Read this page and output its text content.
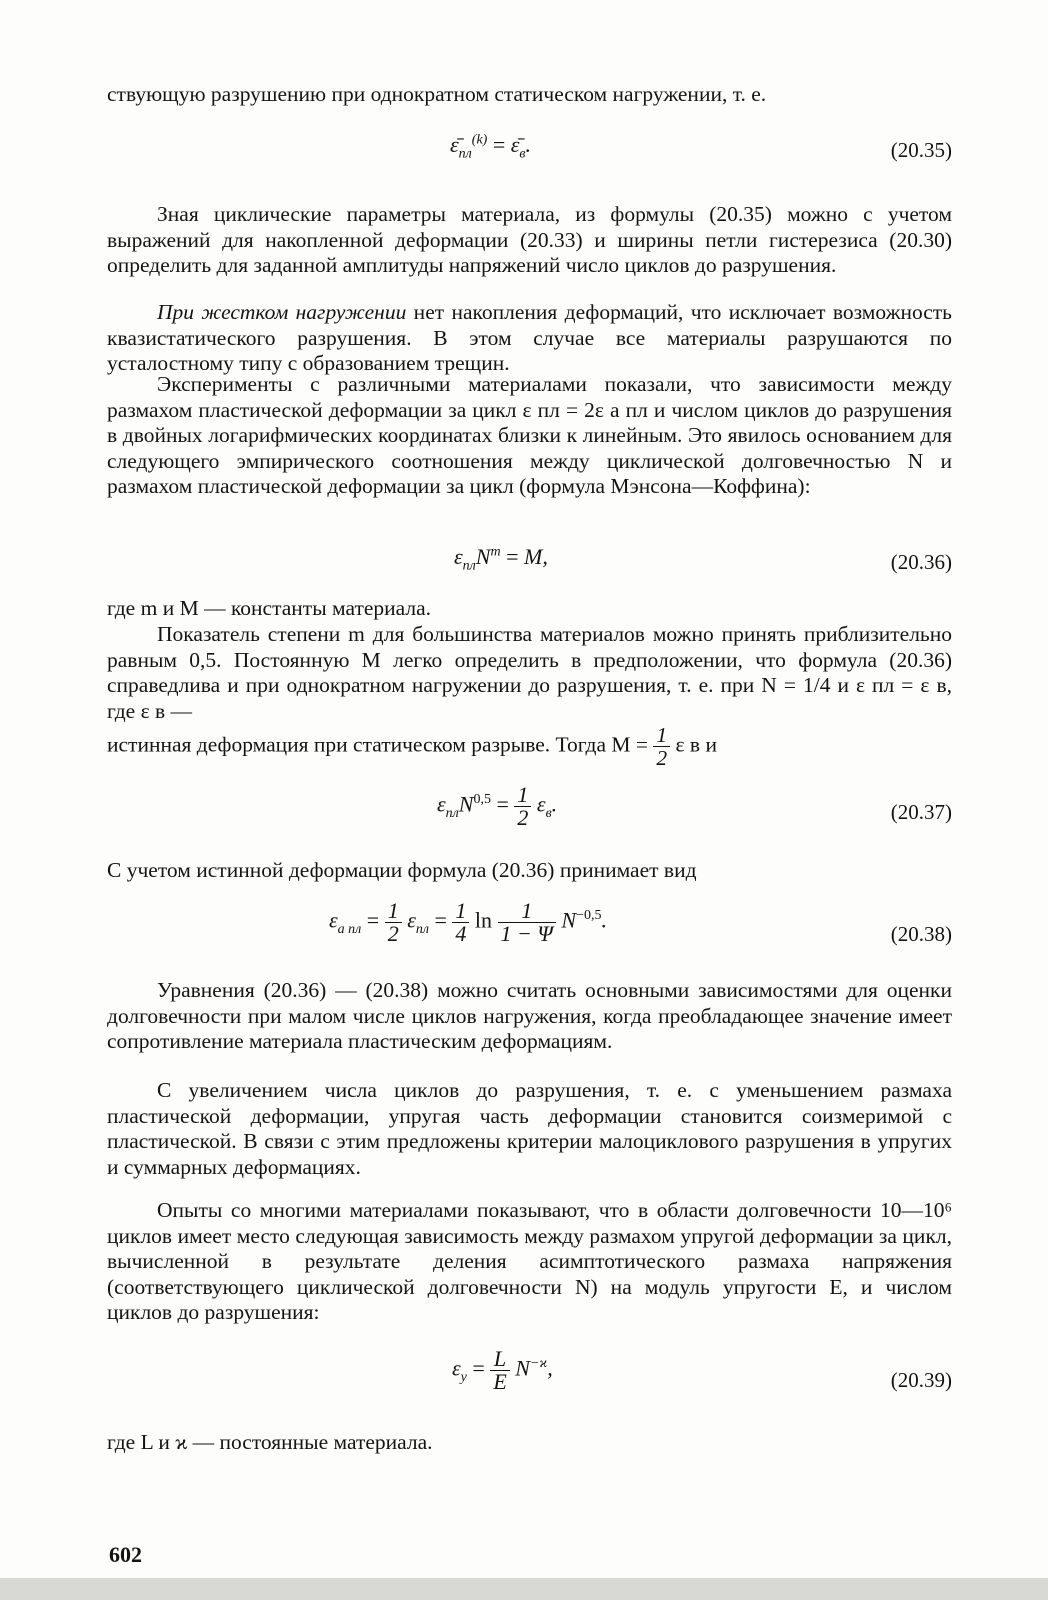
ствующую разрушению при однократном статическом нагружении, т. е.

$\varepsilon̄_{пл}^{(k)}$ = $\varepsilon̄_в$.	(20.35)

Зная циклические параметры материала, из формулы (20.35) можно с учетом выражений для накопленной деформации (20.33) и ширины петли гистерезиса (20.30) определить для заданной амплитуды напряжений число циклов до разрушения.

При жестком нагружении нет накопления деформаций, что исключает возможность квазистатического разрушения. В этом случае все материалы разрушаются по усталостному типу с образованием трещин.

Эксперименты с различными материалами показали, что зависимости между размахом пластической деформации за цикл ε пл = 2ε а пл и числом циклов до разрушения в двойных логарифмических координатах близки к линейным. Это явилось основанием для следующего эмпирического соотношения между циклической долговечностью N и размахом пластической деформации за цикл (формула Мэнсона—Коффина):

$\varepsilon_{пл}N^m = M$,	(20.36)

где m и M — константы материала.

Показатель степени m для большинства материалов можно принять приблизительно равным 0,5. Постоянную M легко определить в предположении, что формула (20.36) справедлива и при однократном нагружении до разрушения, т. е. при N = 1/4 и ε пл = ε в, где ε в —

истинная деформация при статическом разрыве. Тогда $M = \frac{1}{2}$ ε в и
$\varepsilon_{пл}N^{0,5} = \frac{1}{2} \varepsilon_в$.	(20.37)

С учетом истинной деформации формула (20.36) принимает вид

$\varepsilon_{а пл} = \frac{1}{2} \varepsilon_{пл} = \frac{1}{4}$ $\ln \frac{1}{1 - \Psi} N^{-0,5}$.
(20.38)

Уравнения (20.36) — (20.38) можно считать основными зависимостями для оценки долговечности при малом числе циклов нагружения, когда преобладающее значение имеет сопротивление материала пластическим деформациям.

С увеличением числа циклов до разрушения, т. е. с уменьшением размаха пластической деформации, упругая часть деформации становится соизмеримой с пластической. В связи с этим предложены критерии малоциклового разрушения в упругих и суммарных деформациях.

Опыты со многими материалами показывают, что в области долговечности 10—10⁶ циклов имеет место следующая зависимость между размахом упругой деформации за цикл, вычисленной в результате деления асимптотического размаха напряжения (соответствующего циклической долговечности N) на модуль упругости E, и числом циклов до разрушения:

$\varepsilon_у = \frac{L}{E} N^{-ϰ}$,	(20.39)

где L и ϰ — постоянные материала.

602
